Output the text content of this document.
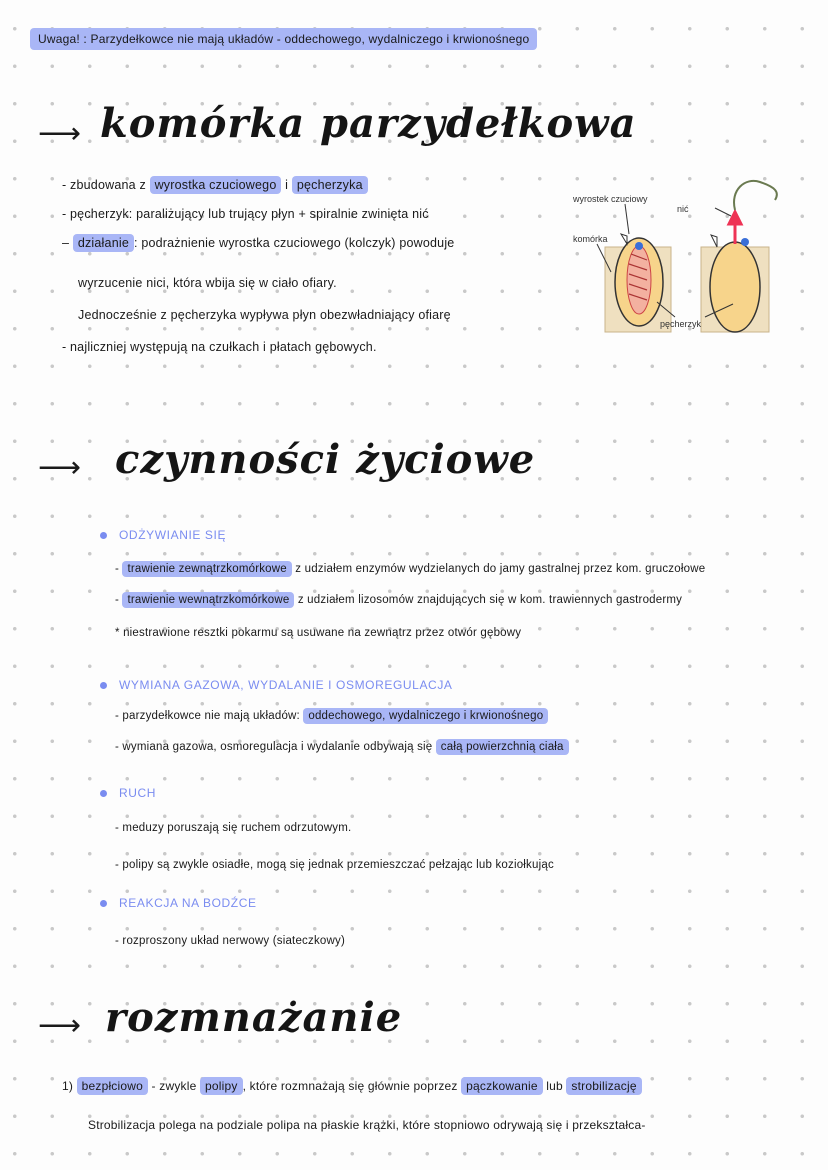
Uwaga! : Parzydełkowce nie mają układów - oddechowego, wydalniczego i krwionośnego
⟶ komórka parzydełkowa
- zbudowana z wyrostka czuciowego i pęcherzyka
- pęcherzyk: paraliżujący lub trujący płyn + spiralnie zwinięta nić
– działanie : podrażnienie wyrostka czuciowego (kolczyk) powoduje
wyrzucenie nici, która wbija się w ciało ofiary.
Jednocześnie z pęcherzyka wypływa płyn obezwładniający ofiarę
- najliczniej występują na czułkach i płatach gębowych.
wyrostek czuciowy
nić
komórka
pęcherzyk
⟶ czynności życiowe
ODŻYWIANIE SIĘ
- trawienie zewnątrzkomórkowe z udziałem enzymów wydzielanych do jamy gastralnej przez kom. gruczołowe
- trawienie wewnątrzkomórkowe z udziałem lizosomów znajdujących się w kom. trawiennych gastrodermy
* niestrawione resztki pokarmu są usuwane na zewnątrz przez otwór gębowy
WYMIANA GAZOWA, WYDALANIE I OSMOREGULACJA
- parzydełkowce nie mają układów: oddechowego, wydalniczego i krwionośnego
- wymiana gazowa, osmoregulacja i wydalanie odbywają się całą powierzchnią ciała
RUCH
- meduzy poruszają się ruchem odrzutowym.
- polipy są zwykle osiadłe, mogą się jednak przemieszczać pełzając lub koziołkując
REAKCJA NA BODŹCE
- rozproszony układ nerwowy (siateczkowy)
⟶ rozmnażanie
1) bezpłciowo - zwykle polipy , które rozmnażają się głównie poprzez pączkowanie lub strobilizację
Strobilizacja polega na podziale polipa na płaskie krążki, które stopniowo odrywają się i przekształca-
